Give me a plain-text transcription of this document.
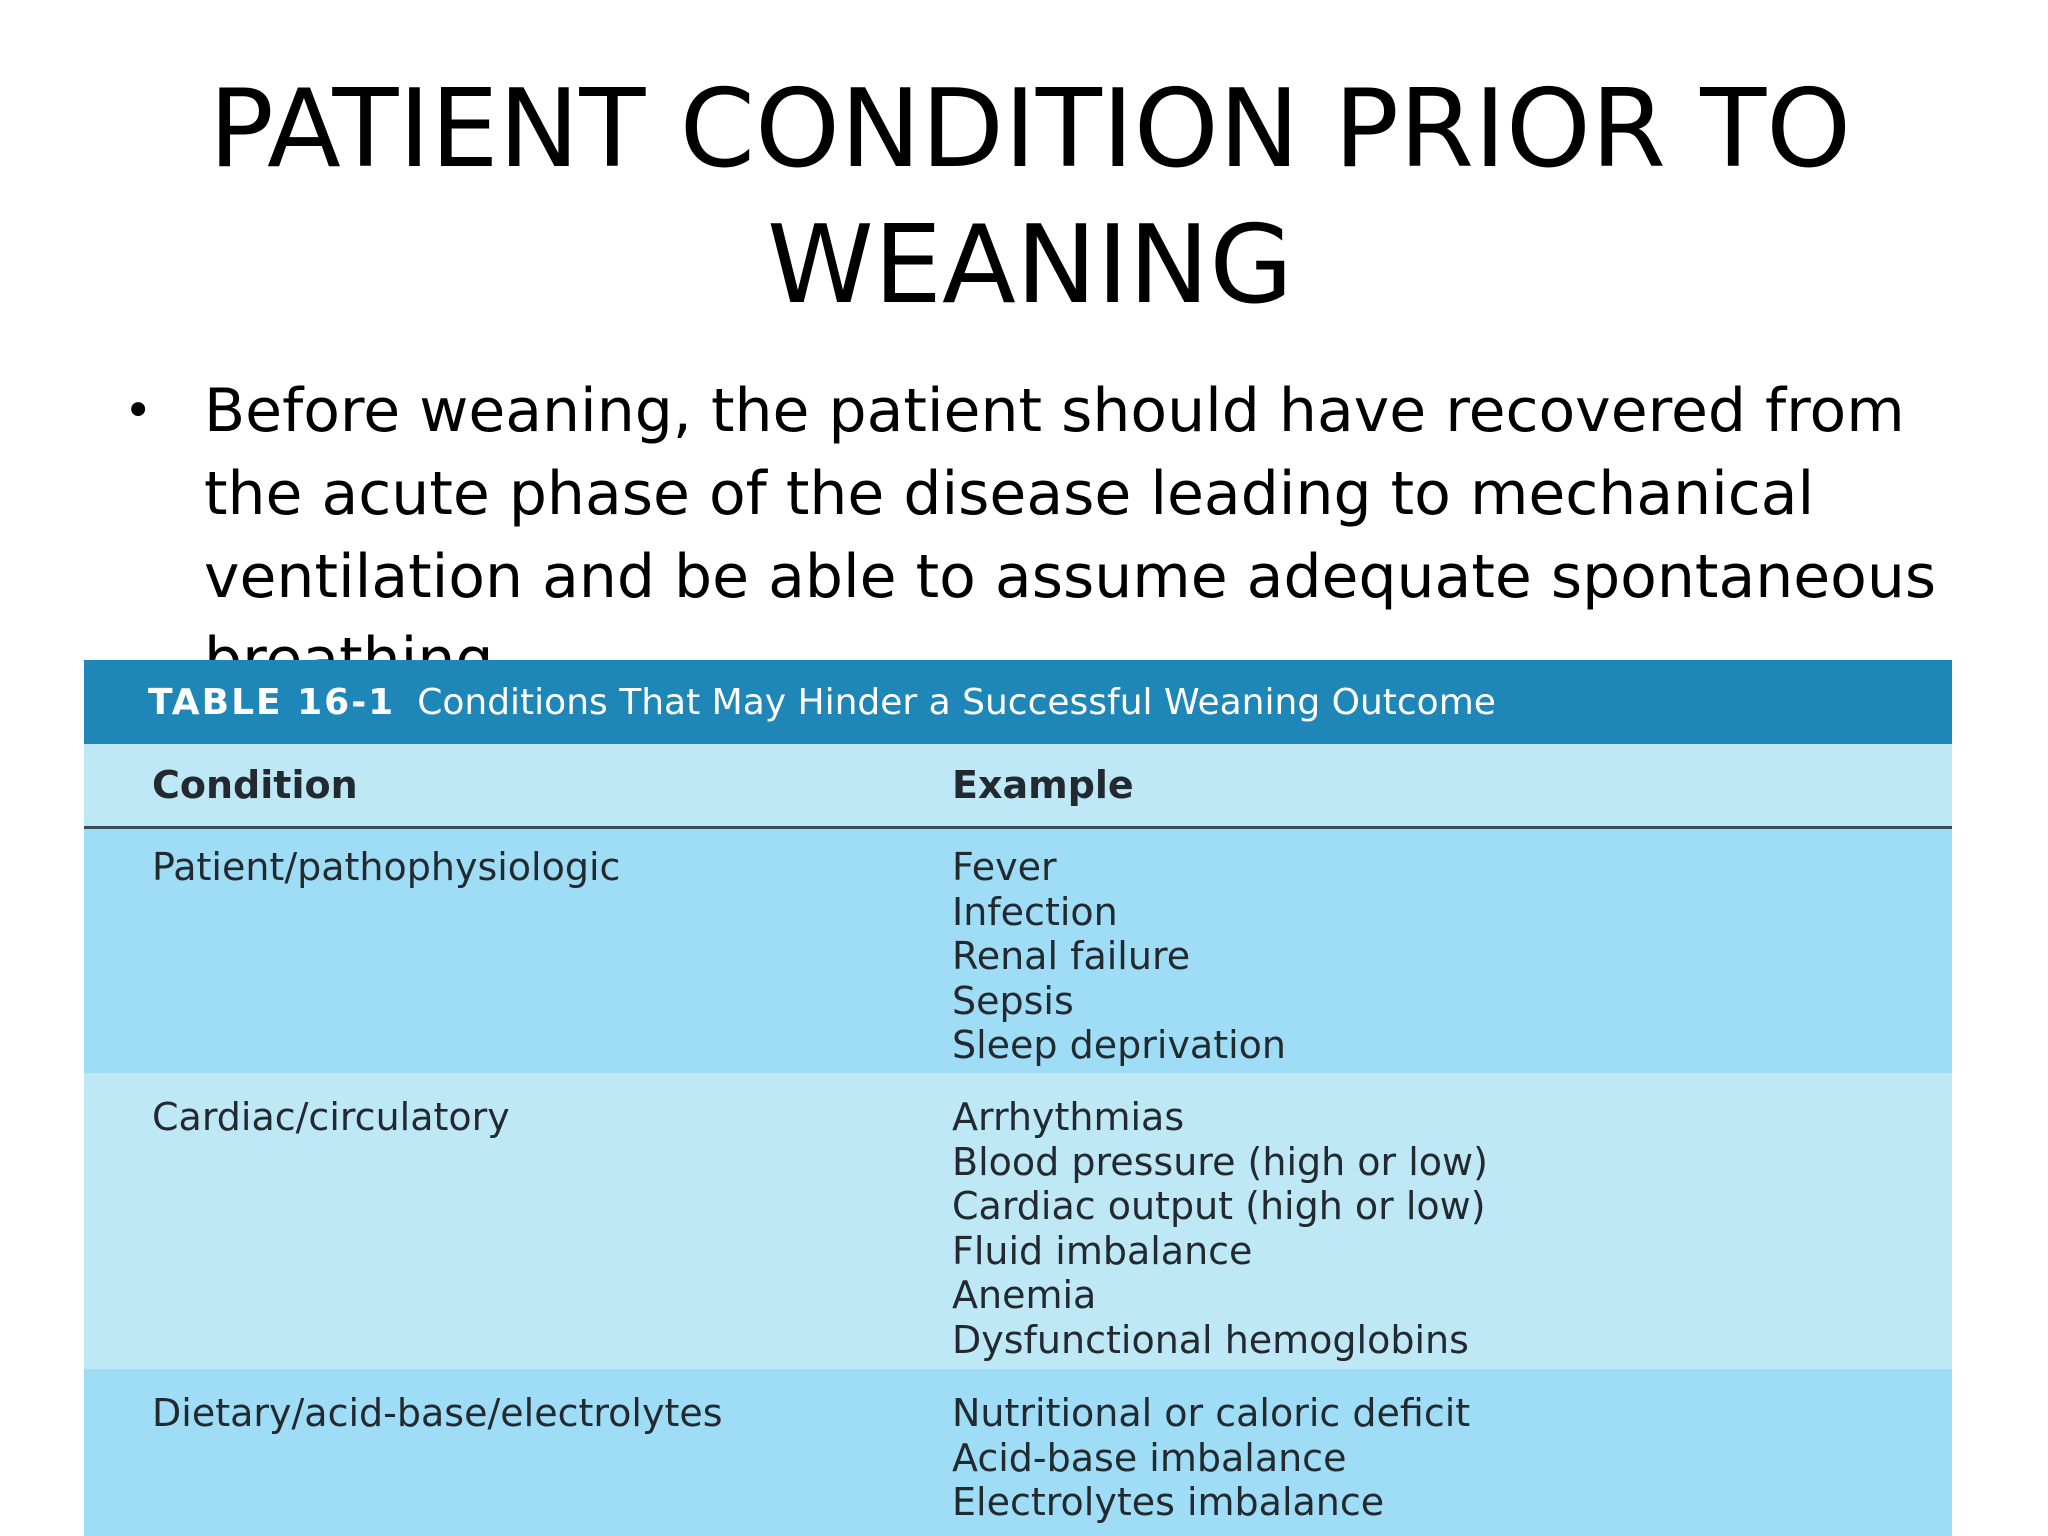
PATIENT CONDITION PRIOR TO WEANING
• Before weaning, the patient should have recovered from the acute phase of the disease leading to mechanical ventilation and be able to assume adequate spontaneous
TABLE 16-1 Conditions That May Hinder a Successful Weaning Outcome
Condition	Example
Patient/pathophysiologic	Fever
Infection
Renal failure
Sepsis
Sleep deprivation
Cardiac/circulatory	Arrhythmias
Blood pressure (high or low)
Cardiac output (high or low)
Fluid imbalance
Anemia
Dysfunctional hemoglobins
Dietary/acid-base/electrolytes	Nutritional or caloric deficit
Acid-base imbalance
Electrolytes imbalance
